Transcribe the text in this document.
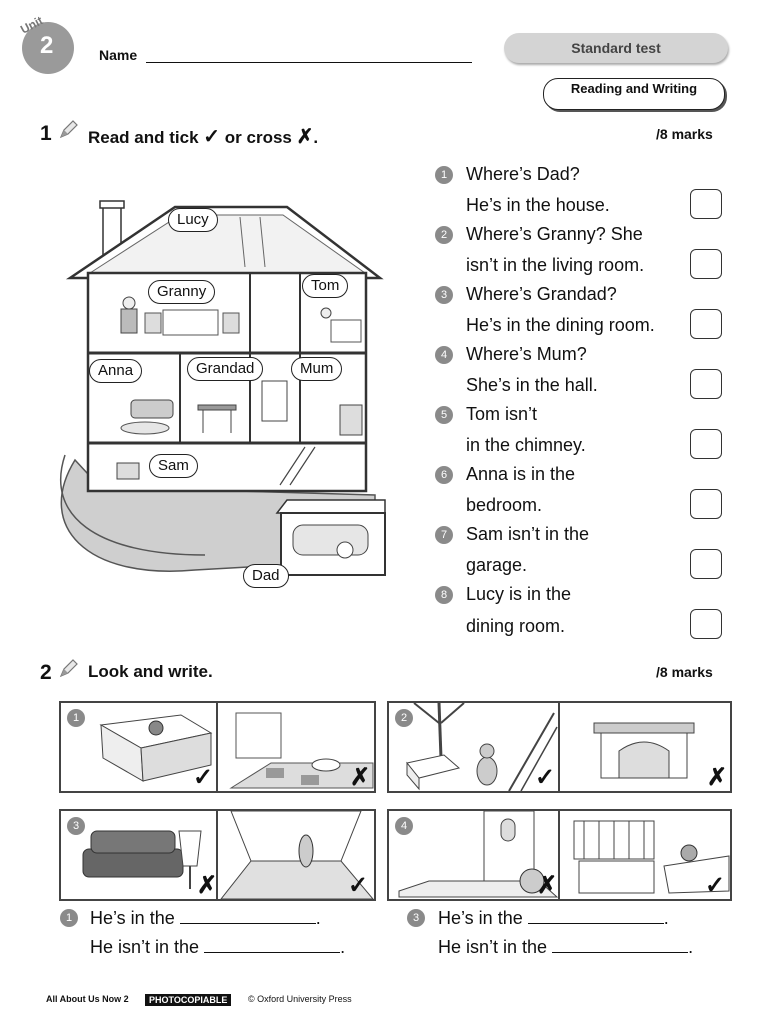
Unit
2	Name	Standard test
Reading and Writing
1 Read and tick ✓ or cross ✗.	/8 marks
Lucy
Granny	Tom
Anna	Grandad	Mum
Sam
Dad
1	Where’s Dad?
He’s in the house.
2	Where’s Granny? She
isn’t in the living room.
3	Where’s Grandad?
He’s in the dining room.
4	Where’s Mum?
She’s in the hall.
5	Tom isn’t
in the chimney.
6	Anna is in the
bedroom.
7	Sam isn’t in the
garage.
8	Lucy is in the
dining room.
2 Look and write.	/8 marks
1
✓	✗
2
✓	✗
3
✗	✓
4
✗	✓
1 He’s in the	.
He isn’t in the	.
3	He’s in the	.
He isn’t in the	.
All About Us Now 2	PHOTOCOPIABLE	© Oxford University Press
